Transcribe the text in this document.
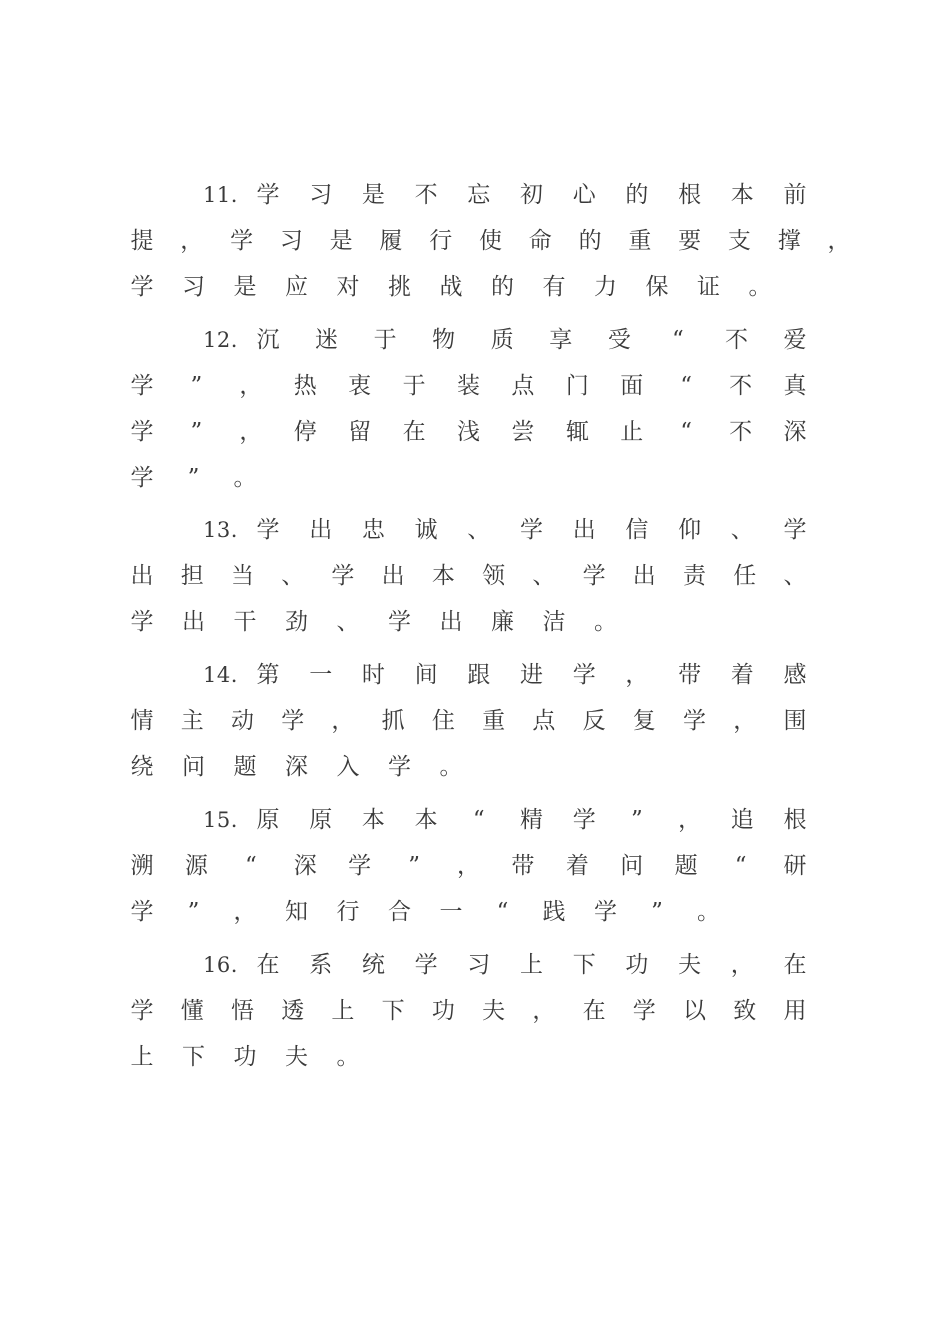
11. 学 习 是 不 忘 初 心 的 根 本 前
提 ， 学 习 是 履 行 使 命 的 重 要 支 撑 ，
学 习 是 应 对 挑 战 的 有 力 保 证 。
12. 沉 迷 于 物 质 享 受 “ 不 爱
学 ” ， 热 衷 于 装 点 门 面 “ 不 真
学 ” ， 停 留 在 浅 尝 辄 止 “ 不 深
学 ” 。
13. 学 出 忠 诚 、 学 出 信 仰 、 学
出 担 当 、 学 出 本 领 、 学 出 责 任 、
学 出 干 劲 、 学 出 廉 洁 。
14. 第 一 时 间 跟 进 学 ， 带 着 感
情 主 动 学 ， 抓 住 重 点 反 复 学 ， 围
绕 问 题 深 入 学 。
15. 原 原 本 本 “ 精 学 ” ， 追 根
溯 源 “ 深 学 ” ， 带 着 问 题 “ 研
学 ” ， 知 行 合 一 “ 践 学 ” 。
16. 在 系 统 学 习 上 下 功 夫 ， 在
学 懂 悟 透 上 下 功 夫 ， 在 学 以 致 用
上 下 功 夫 。
